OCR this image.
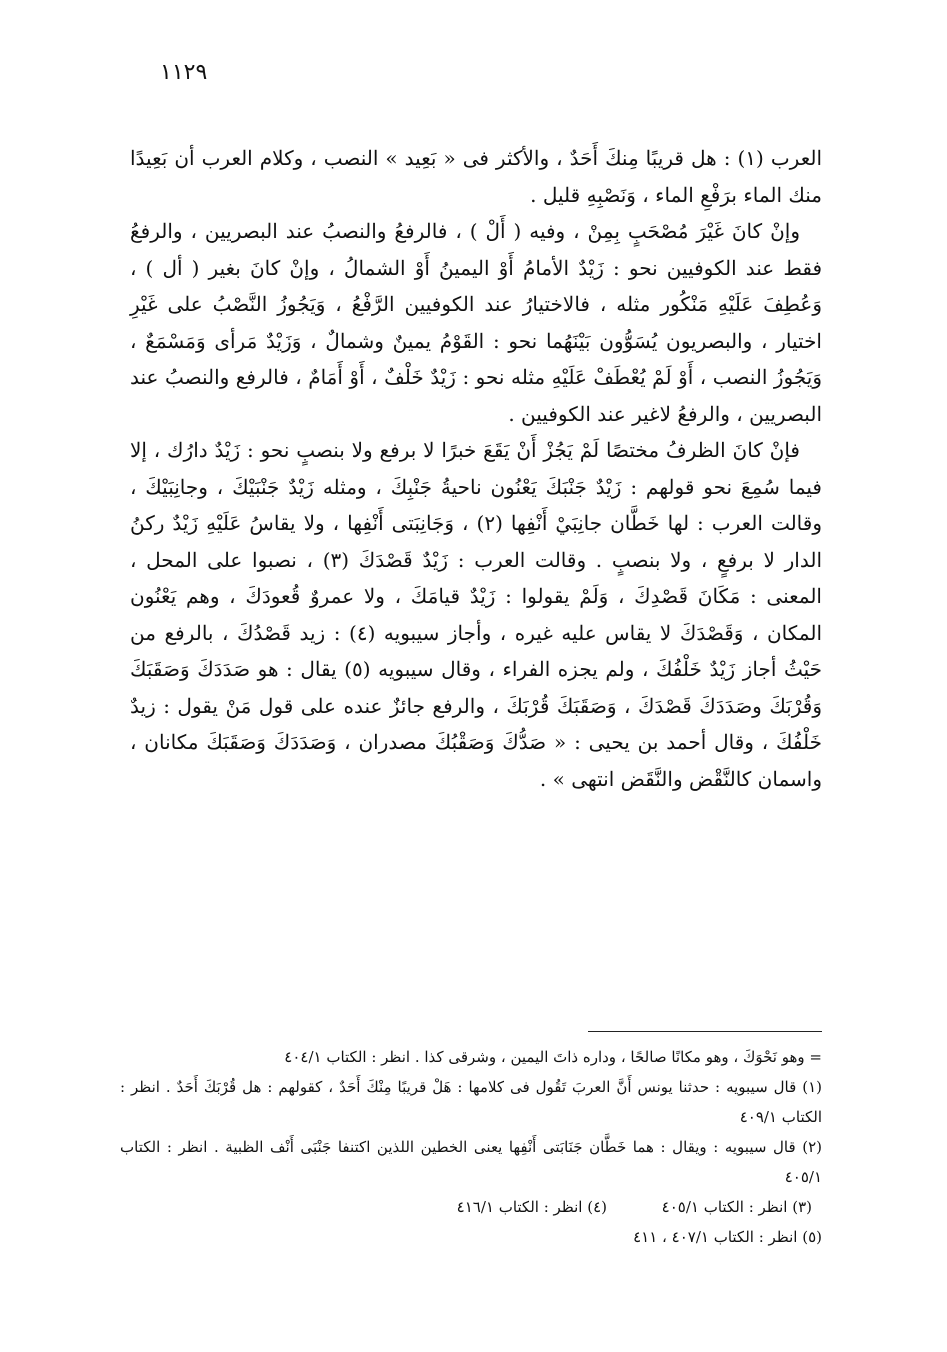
١١٢٩

العرب (١) : هل قريبًا مِنكَ أَحَدٌ ، والأكثر فى « بَعِيد » النصب ، وكلام العرب أن بَعِيدًا منك الماء برَفْعِ الماء ، وَنَصْبِهِ قليل .

وإنْ كانَ غَيْرَ مُصْحَبٍ بِمِنْ ، وفيه ( أَلْ ) ، فالرفعُ والنصبُ عند البصريين ، والرفعُ فقط عند الكوفيين نحو : زَيْدٌ الأمامُ أَوْ اليمينُ أَوْ الشمالُ ، وإنْ كانَ بغير ( أل ) ، وَعُطِفَ عَلَيْهِ مَنْكُور مثله ، فالاختيارُ عند الكوفيين الرَّفْعُ ، وَيَجُوزُ النَّصْبُ على غَيْرِ اختيار ، والبصريون يُسَوُّون بَيْنَهُما نحو : القَوْمُ يمينٌ وشمالٌ ، وَزَيْدٌ مَرأى وَمَسْمَعٌ ، وَيَجُوزُ النصب ، أَوْ لَمْ يُعْطَفْ عَلَيْهِ مثله نحو : زَيْدٌ خَلْفٌ ، أَوْ أَمَامٌ ، فالرفع والنصبُ عند البصريين ، والرفعُ لاغير عند الكوفيين .

فإنْ كانَ الظرفُ مختصًا لَمْ يَجُزْ أَنْ يَقَعَ خبرًا لا برفع ولا بنصبٍ نحو : زَيْدٌ دارُك ، إلا فيما سُمِعَ نحو قولهم : زَيْدٌ جَنْبَكَ يَعْنُون ناحيةُ جَنْبِكَ ، ومثله زَيْدٌ جَنْبَيْكَ ، وجانِبَيْكَ ، وقالت العرب : لها خَطَّان جانِبَيْ أَنْفِها (٢) ، وَجَانِبَتى أَنْفِها ، ولا يقاسُ عَلَيْهِ زَيْدٌ ركنُ الدار لا برفعٍ ، ولا بنصبٍ . وقالت العرب : زَيْدٌ قَصْدَكَ (٣) ، نصبوا على المحل ، المعنى : مَكَانَ قَصْدِكَ ، وَلَمْ يقولوا : زَيْدٌ قيامَكَ ، ولا عمروٌ قُعودَكَ ، وهم يَعْنُون المكان ، وَقَصْدَكَ لا يقاس عليه غيره ، وأجاز سيبويه (٤) : زيد قَصْدُكَ ، بالرفع من حَيْثُ أجاز زَيْدٌ خَلْفُكَ ، ولم يجزه الفراء ، وقال سيبويه (٥) يقال : هو صَدَدَكَ وَصَقَبَكَ وَقُرْبَكَ وصَدَدَكَ قَصْدَكَ ، وَصَقَبَكَ قُرْبَكَ ، والرفع جائزٌ عنده على قول مَنْ يقول : زيدٌ خَلْفُكَ ، وقال أحمد بن يحيى : « صَدُّكَ وَصَقْبُكَ مصدران ، وَصَدَدَكَ وَصَقَبَكَ مكانان ، واسمان كالنَّقْض والنَّقَض انتهى » .

= وهو نَحْوَكَ ، وهو مكانًا صالحًا ، وداره ذاتَ اليمين ، وشرقى كذا . انظر : الكتاب ٤٠٤/١

(١) قال سيبويه : حدثنا يونس أَنَّ العربَ تَقُول فى كلامها : هَلْ قريبًا مِنْكَ أَحَدٌ ، كقولهم : هل قُرْبَكَ أَحَدٌ . انظر : الكتاب ٤٠٩/١

(٢) قال سيبويه : ويقال : هما خَطَّان جَنَابَتى أَنْفِها يعنى الخطين اللذين اكتنفا جَنْبَى أَنْف الظبية . انظر : الكتاب ٤٠٥/١

(٣) انظر : الكتاب ٤٠٥/١
(٤) انظر : الكتاب ٤١٦/١

(٥) انظر : الكتاب ٤٠٧/١ ، ٤١١
